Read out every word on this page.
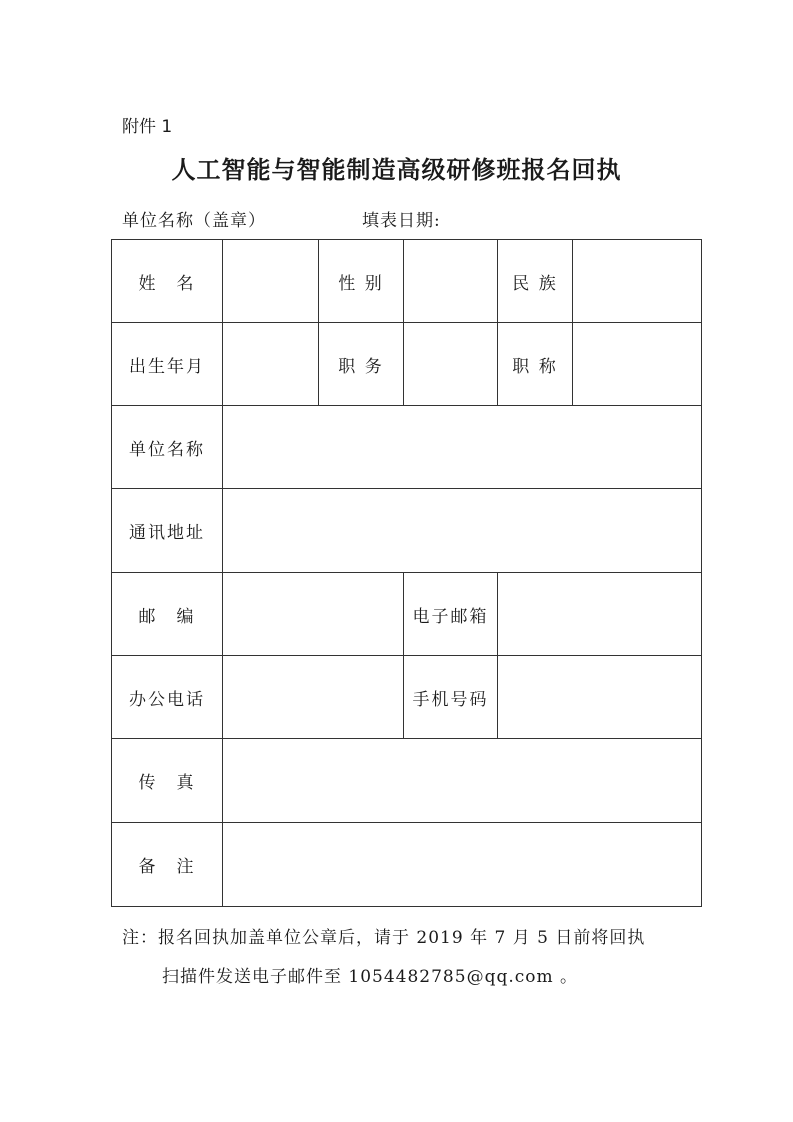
附件 1
人工智能与智能制造高级研修班报名回执
单位名称（盖章）	填表日期:
姓　名		性 别		民 族	
出生年月		职 务		职 称	
单位名称					
通讯地址					
邮　编			电子邮箱		
办公电话			手机号码		
传　真					
备　注					
注：报名回执加盖单位公章后，请于 2019 年 7 月 5 日前将回执
扫描件发送电子邮件至 1054482785@qq.com 。
